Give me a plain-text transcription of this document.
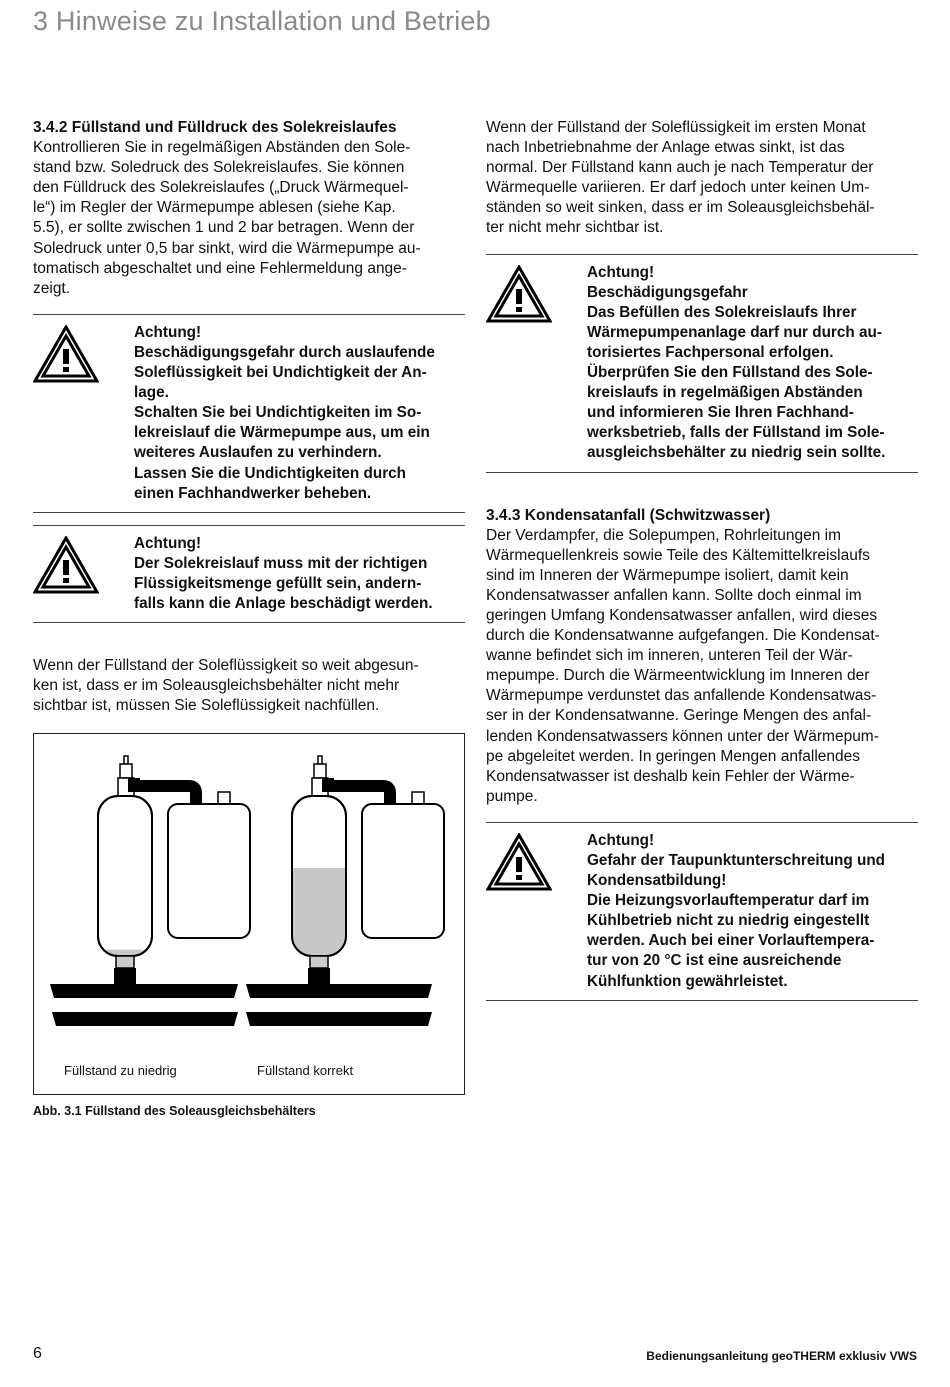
3 Hinweise zu Installation und Betrieb

3.4.2 Füllstand und Fülldruck des Solekreislaufes

Kontrollieren Sie in regelmäßigen Abständen den Sole-
stand bzw. Soledruck des Solekreislaufes. Sie können
den Fülldruck des Solekreislaufes („Druck Wärmequel-
le“) im Regler der Wärmepumpe ablesen (siehe Kap.
5.5), er sollte zwischen 1 und 2 bar betragen. Wenn der
Soledruck unter 0,5 bar sinkt, wird die Wärmepumpe au-
tomatisch abgeschaltet und eine Fehlermeldung ange-
zeigt.

Achtung!
Beschädigungsgefahr durch auslaufende
Soleflüssigkeit bei Undichtigkeit der An-
lage.
Schalten Sie bei Undichtigkeiten im So-
lekreislauf die Wärmepumpe aus, um ein
weiteres Auslaufen zu verhindern.
Lassen Sie die Undichtigkeiten durch
einen Fachhandwerker beheben.
Achtung!
Der Solekreislauf muss mit der richtigen
Flüssigkeitsmenge gefüllt sein, andern-
falls kann die Anlage beschädigt werden.

Wenn der Füllstand der Soleflüssigkeit so weit abgesun-
ken ist, dass er im Soleausgleichsbehälter nicht mehr
sichtbar ist, müssen Sie Soleflüssigkeit nachfüllen.

Füllstand zu niedrig	Füllstand korrekt
Abb. 3.1 Füllstand des Soleausgleichsbehälters

Wenn der Füllstand der Soleflüssigkeit im ersten Monat
nach Inbetriebnahme der Anlage etwas sinkt, ist das
normal. Der Füllstand kann auch je nach Temperatur der
Wärmequelle variieren. Er darf jedoch unter keinen Um-
ständen so weit sinken, dass er im Soleausgleichsbehäl-
ter nicht mehr sichtbar ist.

Achtung!
Beschädigungsgefahr
Das Befüllen des Solekreislaufs Ihrer
Wärmepumpenanlage darf nur durch au-
torisiertes Fachpersonal erfolgen.
Überprüfen Sie den Füllstand des Sole-
kreislaufs in regelmäßigen Abständen
und informieren Sie Ihren Fachhand-
werksbetrieb, falls der Füllstand im Sole-
ausgleichsbehälter zu niedrig sein sollte.

3.4.3 Kondensatanfall (Schwitzwasser)

Der Verdampfer, die Solepumpen, Rohrleitungen im
Wärmequellenkreis sowie Teile des Kältemittelkreislaufs
sind im Inneren der Wärmepumpe isoliert, damit kein
Kondensatwasser anfallen kann. Sollte doch einmal im
geringen Umfang Kondensatwasser anfallen, wird dieses
durch die Kondensatwanne aufgefangen. Die Kondensat-
wanne befindet sich im inneren, unteren Teil der Wär-
mepumpe. Durch die Wärmeentwicklung im Inneren der
Wärmepumpe verdunstet das anfallende Kondensatwas-
ser in der Kondensatwanne. Geringe Mengen des anfal-
lenden Kondensatwassers können unter der Wärmepum-
pe abgeleitet werden. In geringen Mengen anfallendes
Kondensatwasser ist deshalb kein Fehler der Wärme-
pumpe.

Achtung!
Gefahr der Taupunktunterschreitung und
Kondensatbildung!
Die Heizungsvorlauftemperatur darf im
Kühlbetrieb nicht zu niedrig eingestellt
werden. Auch bei einer Vorlauftempera-
tur von 20 °C ist eine ausreichende
Kühlfunktion gewährleistet.
6	Bedienungsanleitung geoTHERM exklusiv VWS
